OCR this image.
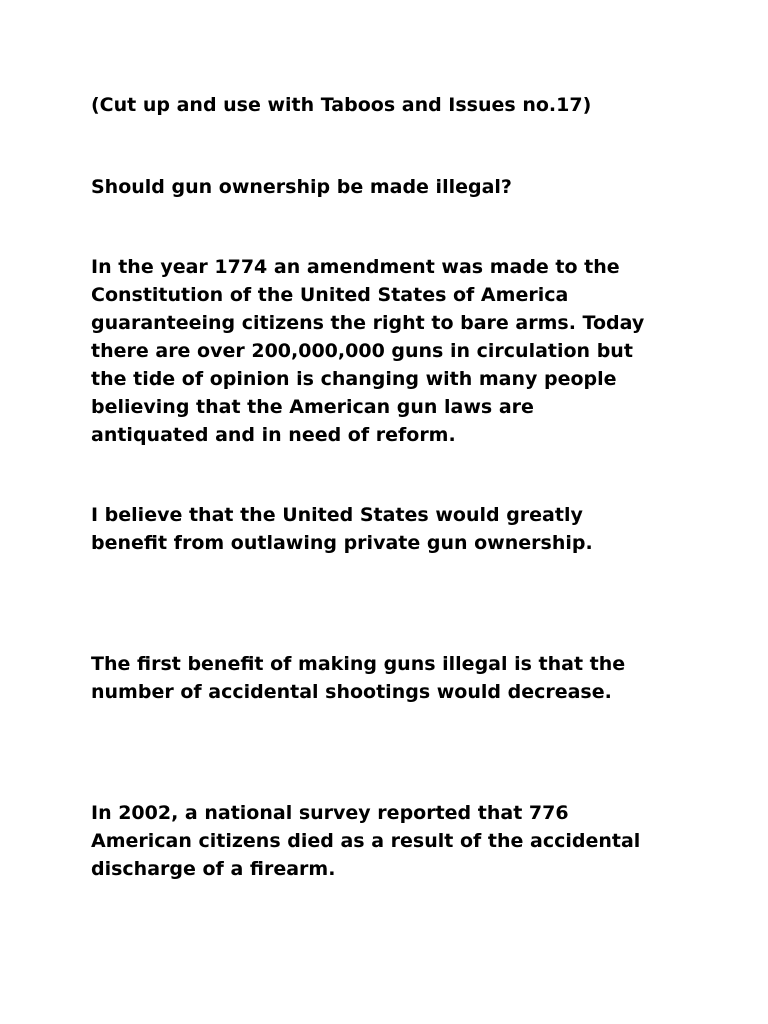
(Cut up and use with Taboos and Issues no.17)

Should gun ownership be made illegal?

In the year 1774 an amendment was made to the
Constitution of the United States of America
guaranteeing citizens the right to bare arms. Today
there are over 200,000,000 guns in circulation but
the tide of opinion is changing with many people
believing that the American gun laws are
antiquated and in need of reform.

I believe that the United States would greatly
benefit from outlawing private gun ownership.

The first benefit of making guns illegal is that the
number of accidental shootings would decrease.

In 2002, a national survey reported that 776
American citizens died as a result of the accidental
discharge of a firearm.
